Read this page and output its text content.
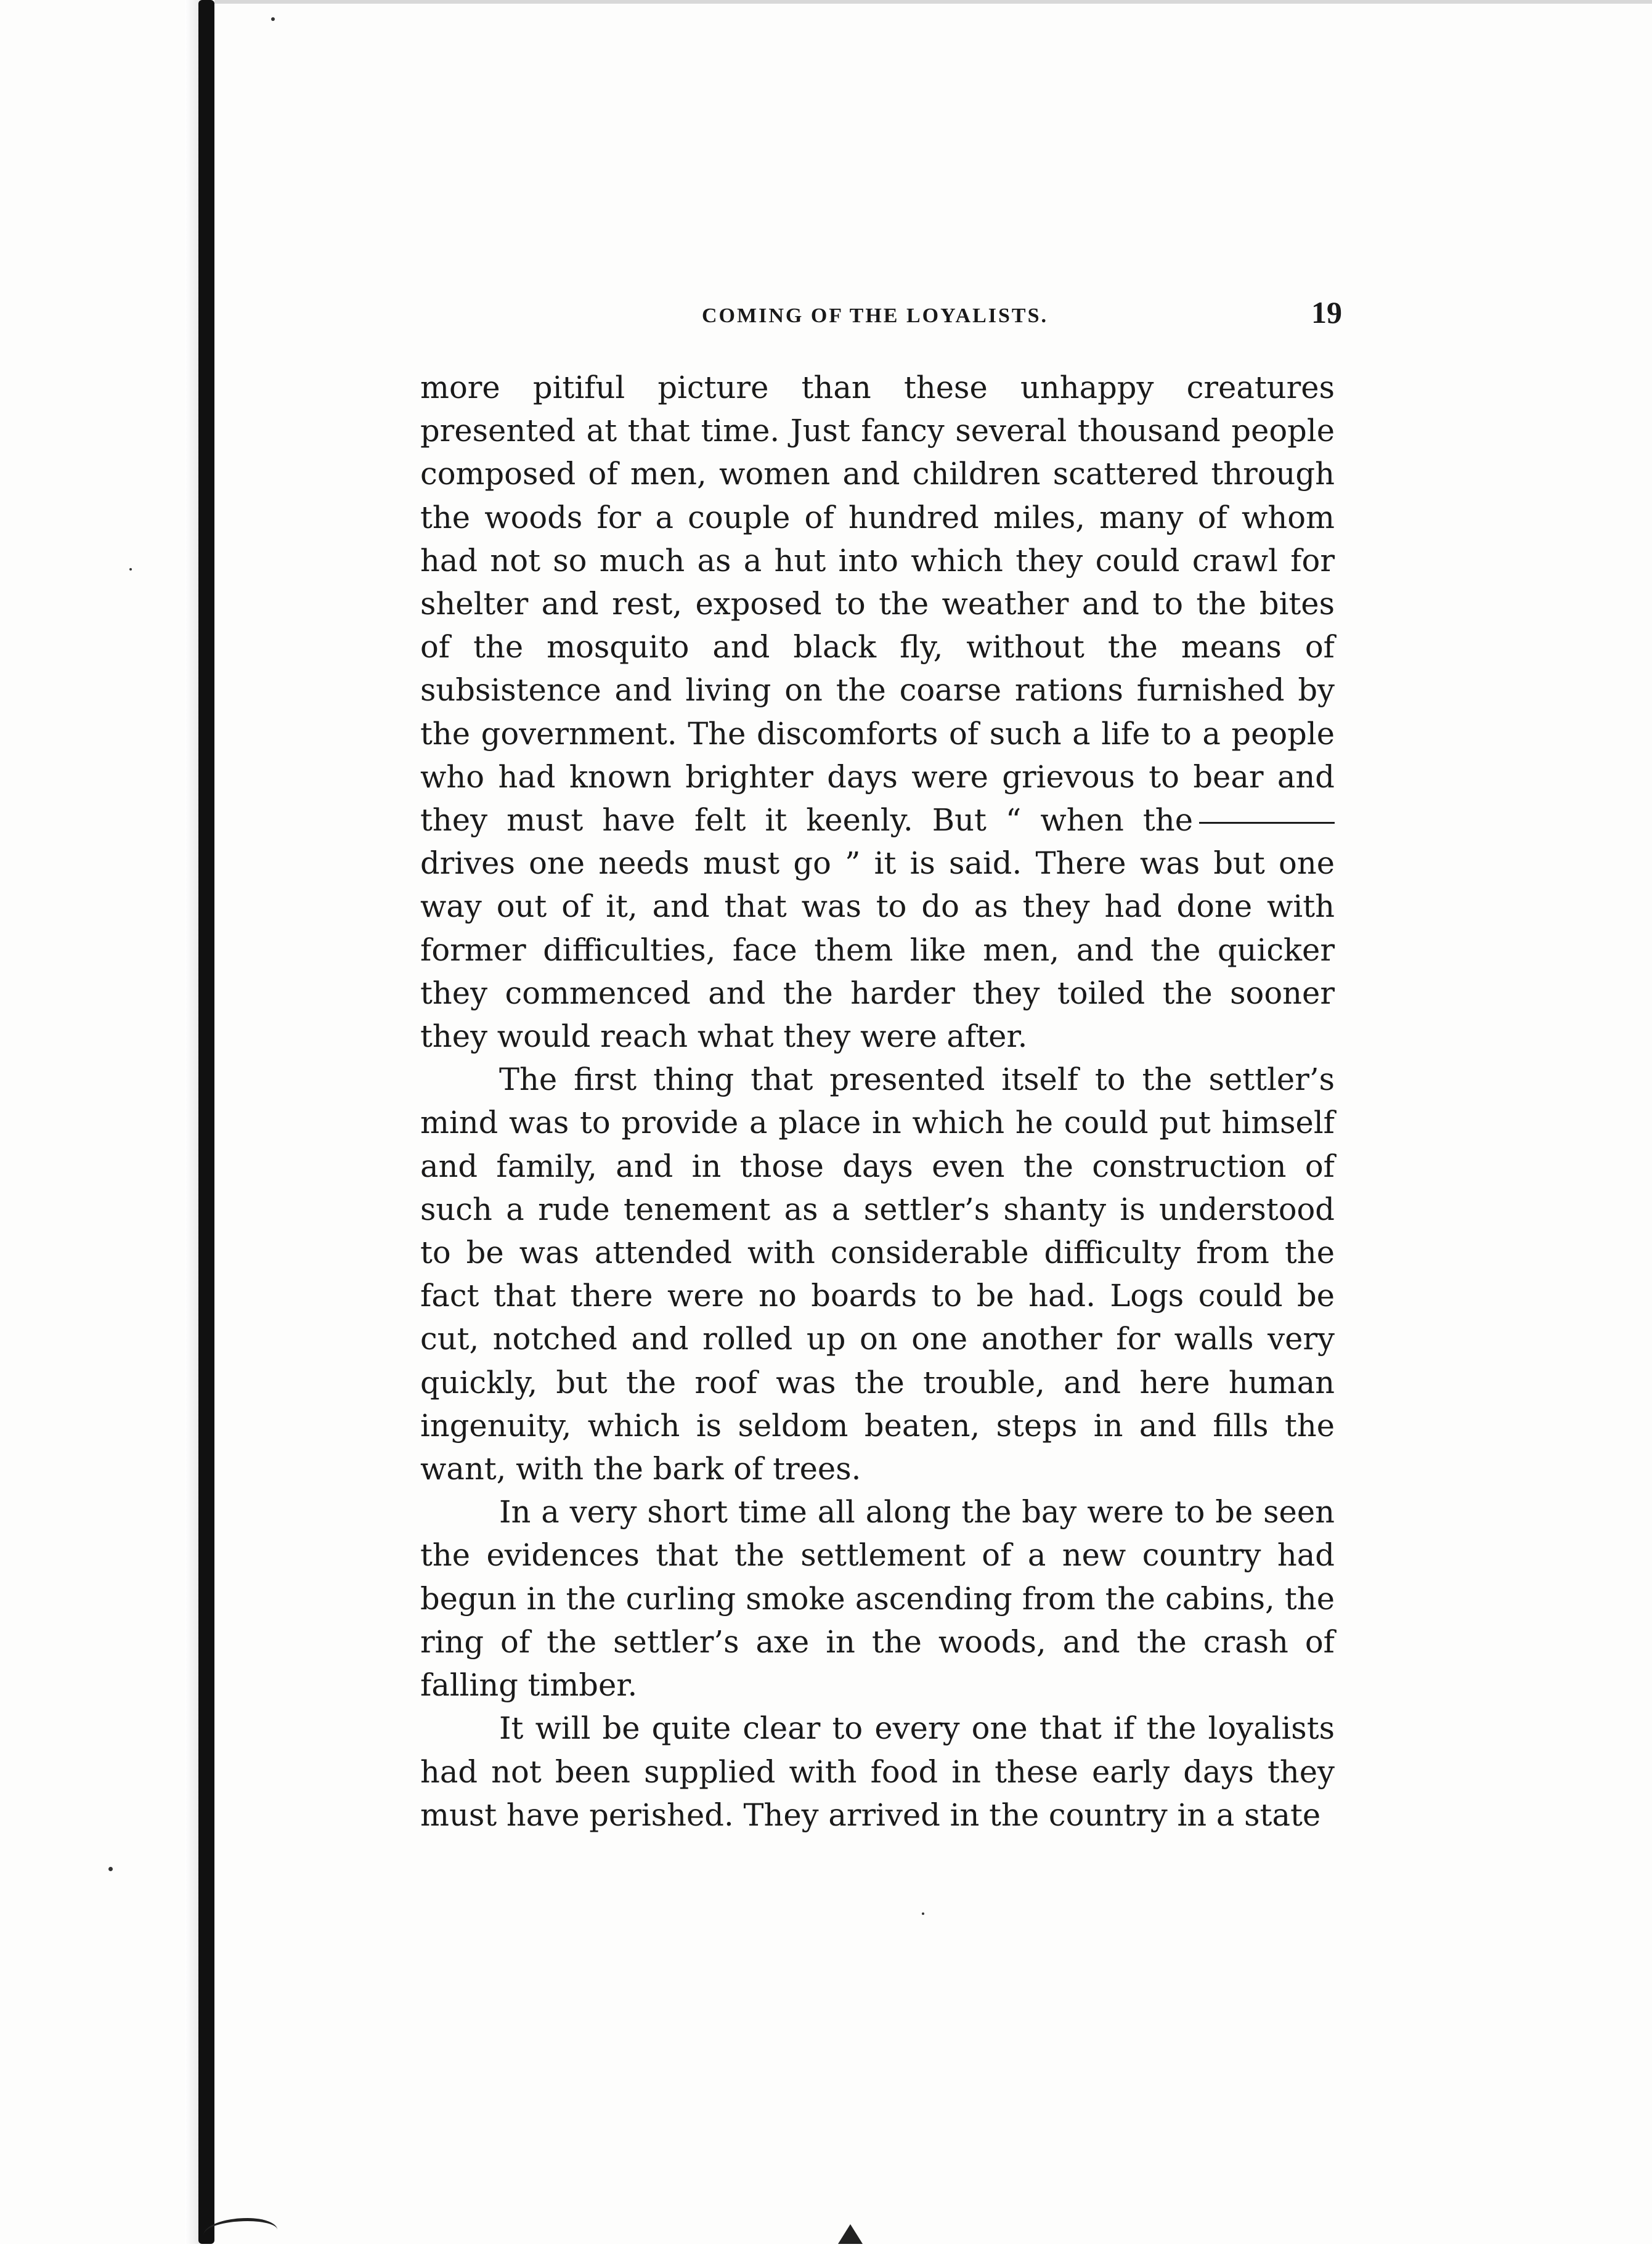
COMING OF THE LOYALISTS.	19

more pitiful picture than these unhappy creatures presented at that time. Just fancy several thousand people composed of men, women and children scattered through the woods for a couple of hundred miles, many of whom had not so much as a hut into which they could crawl for shelter and rest, exposed to the weather and to the bites of the mosquito and black fly, without the means of subsistence and living on the coarse rations furnished by the government. The discomforts of such a life to a people who had known brighter days were grievous to bear and they must have felt it keenly. But “ when the drives one needs must go ” it is said. There was but one way out of it, and that was to do as they had done with former difficulties, face them like men, and the quicker they commenced and the harder they toiled the sooner they would reach what they were after.

The first thing that presented itself to the settler’s mind was to provide a place in which he could put himself and family, and in those days even the construction of such a rude tenement as a settler’s shanty is understood to be was attended with considerable difficulty from the fact that there were no boards to be had. Logs could be cut, notched and rolled up on one another for walls very quickly, but the roof was the trouble, and here human ingenuity, which is seldom beaten, steps in and fills the want, with the bark of trees.

In a very short time all along the bay were to be seen the evidences that the settlement of a new country had begun in the curling smoke ascending from the cabins, the ring of the settler’s axe in the woods, and the crash of falling timber.

It will be quite clear to every one that if the loyalists had not been supplied with food in these early days they must have perished. They arrived in the country in a state
